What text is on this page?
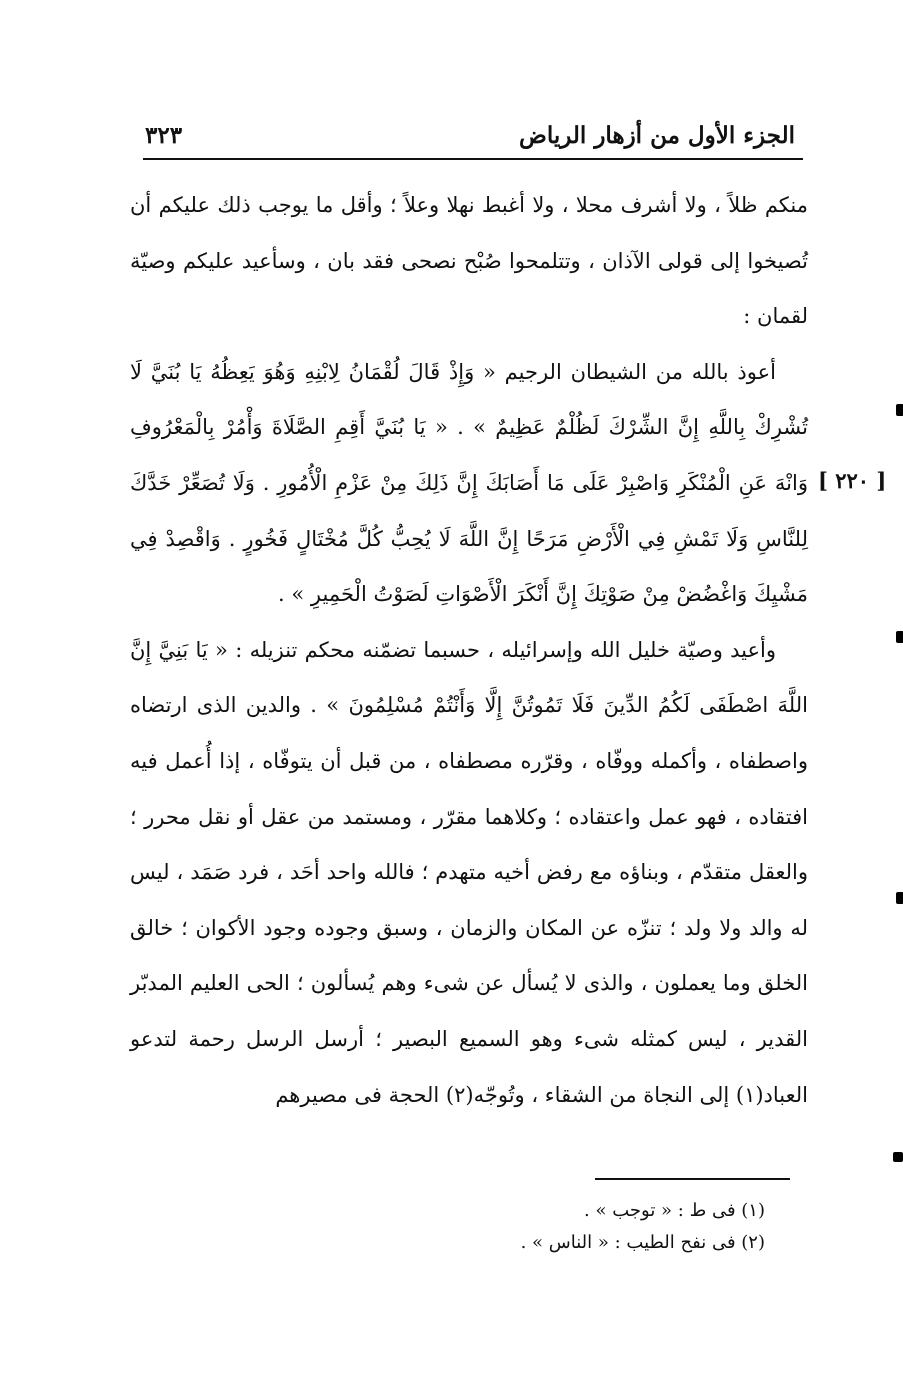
الجزء الأول من أزهار الرياض
٣٢٣

منكم ظلاً ، ولا أشرف محلا ، ولا أغبط نهلا وعلاً ؛ وأقل ما يوجب ذلك عليكم أن تُصيخوا إلى قولى الآذان ، وتتلمحوا صُبْح نصحى فقد بان ، وسأعيد عليكم وصيّة لقمان :

أعوذ بالله من الشيطان الرجيم « وَإِذْ قَالَ لُقْمَانُ لِابْنِهِ وَهُوَ يَعِظُهُ يَا بُنَيَّ لَا تُشْرِكْ بِاللَّهِ إِنَّ الشِّرْكَ لَظُلْمٌ عَظِيمٌ » . « يَا بُنَيَّ أَقِمِ الصَّلَاةَ وَأْمُرْ بِالْمَعْرُوفِ وَانْهَ عَنِ الْمُنْكَرِ وَاصْبِرْ عَلَى مَا أَصَابَكَ إِنَّ ذَلِكَ مِنْ عَزْمِ الْأُمُورِ . وَلَا تُصَعِّرْ خَدَّكَ لِلنَّاسِ وَلَا تَمْشِ فِي الْأَرْضِ مَرَحًا إِنَّ اللَّهَ لَا يُحِبُّ كُلَّ مُخْتَالٍ فَخُورٍ . وَاقْصِدْ فِي مَشْيِكَ وَاغْضُضْ مِنْ صَوْتِكَ إِنَّ أَنْكَرَ الْأَصْوَاتِ لَصَوْتُ الْحَمِيرِ » .

وأعيد وصيّة خليل الله وإسرائيله ، حسبما تضمّنه محكم تنزيله : « يَا بَنِيَّ إِنَّ اللَّهَ اصْطَفَى لَكُمُ الدِّينَ فَلَا تَمُوتُنَّ إِلَّا وَأَنْتُمْ مُسْلِمُونَ » . والدين الذى ارتضاه واصطفاه ، وأكمله ووفّاه ، وقرّره مصطفاه ، من قبل أن يتوفّاه ، إذا أُعمل فيه افتقاده ، فهو عمل واعتقاده ؛ وكلاهما مقرّر ، ومستمد من عقل أو نقل محرر ؛ والعقل متقدّم ، وبناؤه مع رفض أخيه متهدم ؛ فالله واحد أحَد ، فرد صَمَد ، ليس له والد ولا ولد ؛ تنزّه عن المكان والزمان ، وسبق وجوده وجود الأكوان ؛ خالق الخلق وما يعملون ، والذى لا يُسأل عن شىء وهم يُسألون ؛ الحى العليم المدبّر القدير ، ليس كمثله شىء وهو السميع البصير ؛ أرسل الرسل رحمة لتدعو العباد(١) إلى النجاة من الشقاء ، وتُوجّه(٢) الحجة فى مصيرهم

[ ٢٢٠ ]

(١) فى ط : « توجب » .

(٢) فى نفح الطيب : « الناس » .
